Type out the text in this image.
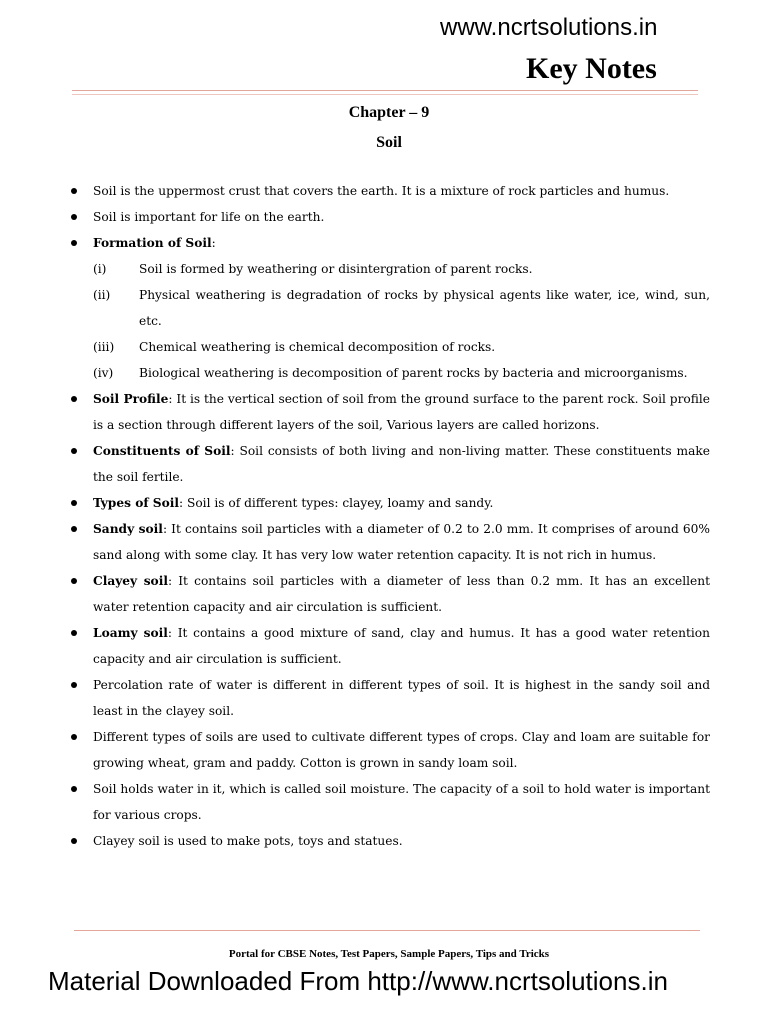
www.ncrtsolutions.in
Key Notes
Chapter – 9
Soil
Soil is the uppermost crust that covers the earth. It is a mixture of rock particles and humus.
Soil is important for life on the earth.
Formation of Soil:
(i)	Soil is formed by weathering or disintergration of parent rocks.
(ii) Physical weathering is degradation of rocks by physical agents like water, ice, wind, sun, etc.
(iii) Chemical weathering is chemical decomposition of rocks.
(iv) Biological weathering is decomposition of parent rocks by bacteria and microorganisms.
Soil Profile: It is the vertical section of soil from the ground surface to the parent rock. Soil profile is a section through different layers of the soil, Various layers are called horizons.
Constituents of Soil: Soil consists of both living and non-living matter. These constituents make the soil fertile.
Types of Soil: Soil is of different types: clayey, loamy and sandy.
Sandy soil: It contains soil particles with a diameter of 0.2 to 2.0 mm. It comprises of around 60% sand along with some clay. It has very low water retention capacity. It is not rich in humus.
Clayey soil: It contains soil particles with a diameter of less than 0.2 mm. It has an excellent water retention capacity and air circulation is sufficient.
Loamy soil: It contains a good mixture of sand, clay and humus. It has a good water retention capacity and air circulation is sufficient.
Percolation rate of water is different in different types of soil. It is highest in the sandy soil and least in the clayey soil.
Different types of soils are used to cultivate different types of crops. Clay and loam are suitable for growing wheat, gram and paddy. Cotton is grown in sandy loam soil.
Soil holds water in it, which is called soil moisture. The capacity of a soil to hold water is important for various crops.
Clayey soil is used to make pots, toys and statues.
Portal for CBSE Notes, Test Papers, Sample Papers, Tips and Tricks
Material Downloaded From http://www.ncrtsolutions.in
